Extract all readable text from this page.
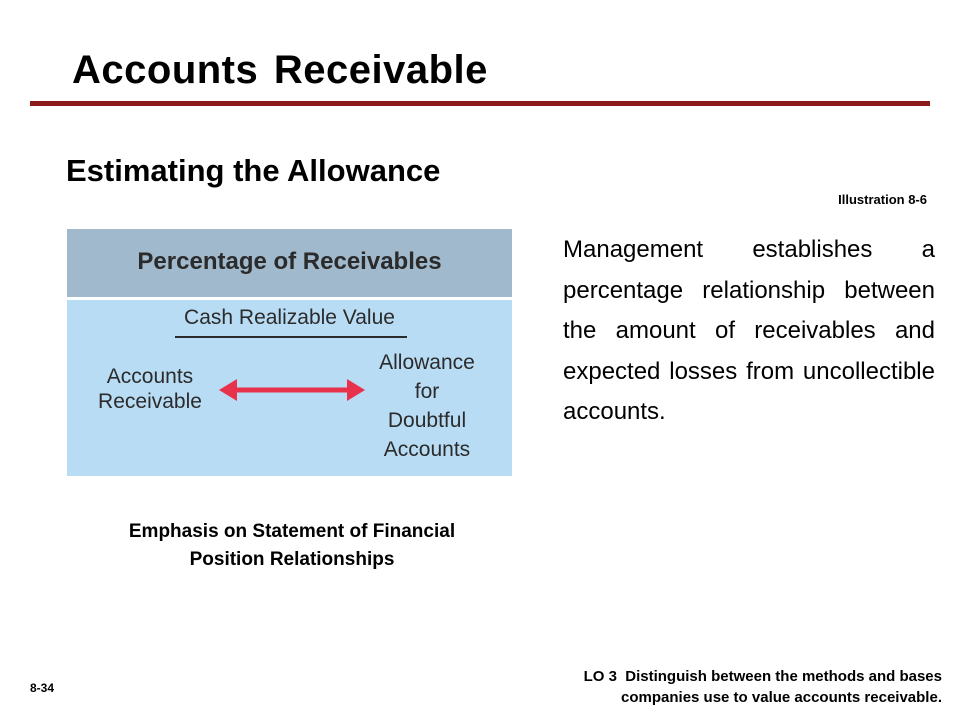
Accounts Receivable
Estimating the Allowance
Illustration 8-6
Percentage of Receivables
Cash Realizable Value
Accounts
Receivable
Allowance
for
Doubtful
Accounts
Emphasis on Statement of Financial
Position Relationships

Management establishes a percentage relationship between the amount of receivables and expected losses from uncollectible accounts.

8-34
LO 3  Distinguish between the methods and bases
companies use to value accounts receivable.
